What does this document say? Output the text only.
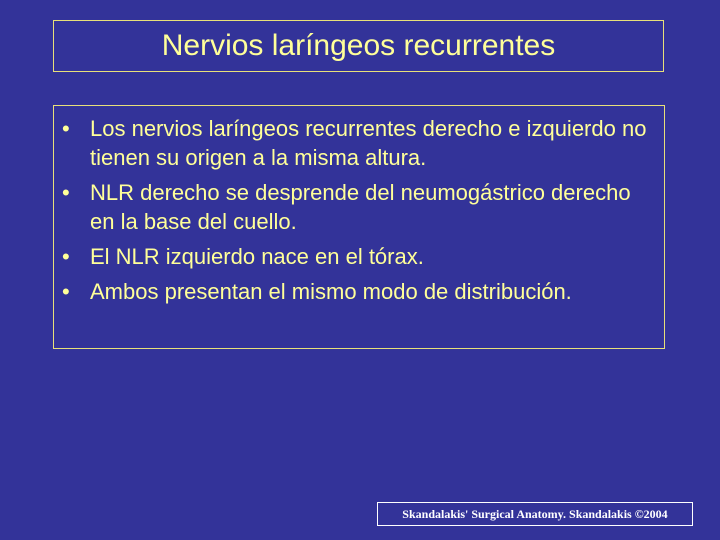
Nervios laríngeos recurrentes
• Los nervios laríngeos recurrentes derecho e izquierdo no tienen su origen a la misma altura.
• NLR derecho se desprende del neumogástrico derecho en la base del cuello.
• El NLR izquierdo nace en el tórax.
• Ambos presentan el mismo modo de distribución.
Skandalakis' Surgical Anatomy. Skandalakis ©2004
